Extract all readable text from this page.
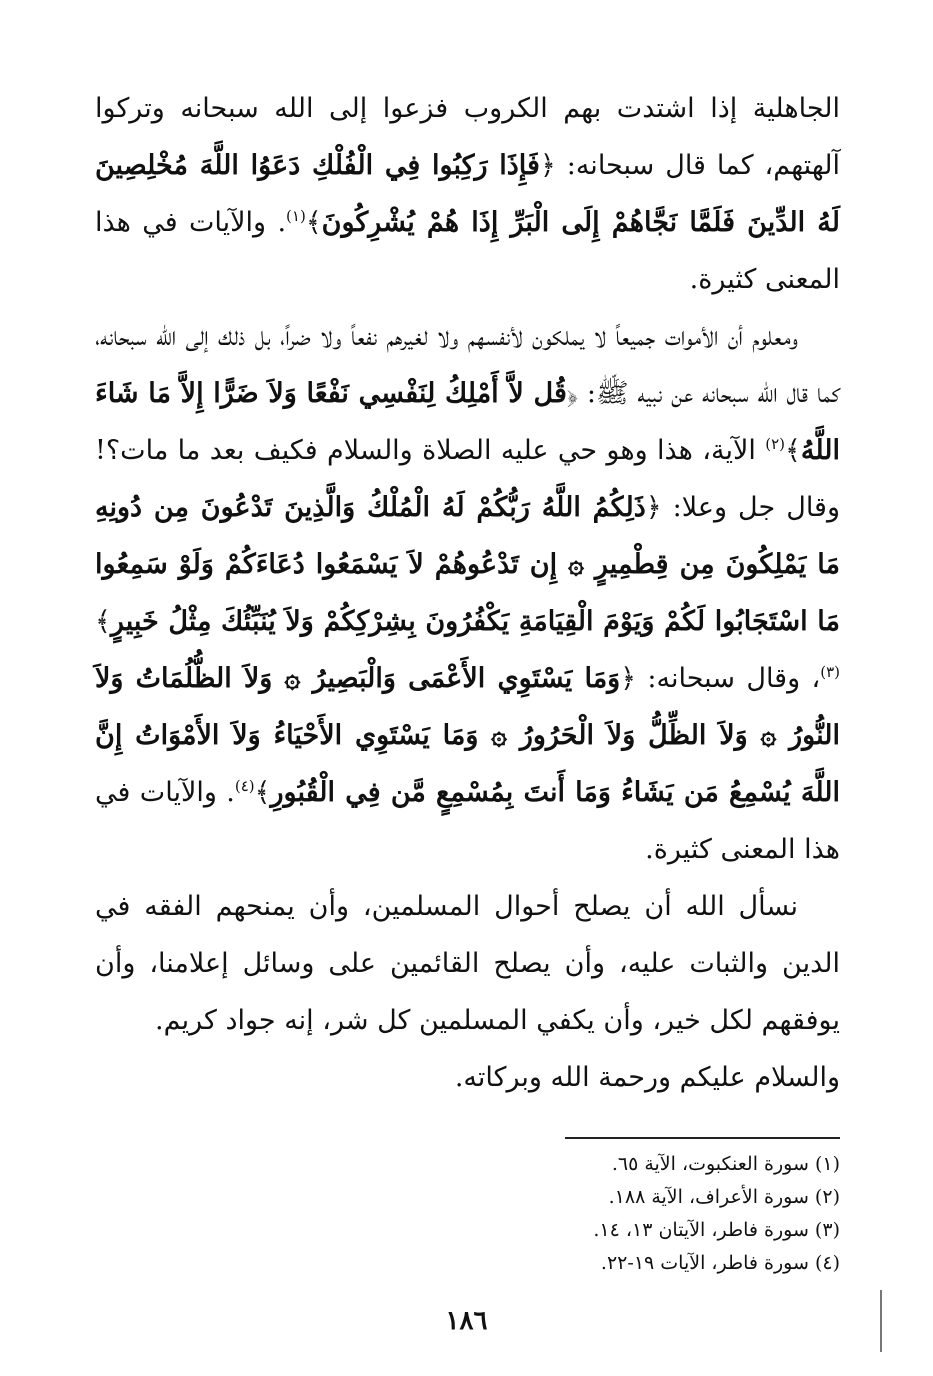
الجاهلية إذا اشتدت بهم الكروب فزعوا إلى الله سبحانه وتركوا آلهتهم، كما قال سبحانه: ﴿فَإِذَا رَكِبُوا فِي الْفُلْكِ دَعَوُا اللَّهَ مُخْلِصِينَ لَهُ الدِّينَ فَلَمَّا نَجَّاهُمْ إِلَى الْبَرِّ إِذَا هُمْ يُشْرِكُونَ﴾$^{(١)}$. والآيات في هذا المعنى كثيرة.

ومعلوم أن الأموات جميعاً لا يملكون لأنفسهم ولا لغيرهم نفعاً ولا ضراً، بل ذلك إلى الله سبحانه، كما قال الله سبحانه عن نبيه ﷺ: ﴿قُل لاَّ أَمْلِكُ لِنَفْسِي نَفْعًا وَلاَ ضَرًّا إِلاَّ مَا شَاءَ اللَّهُ﴾$^{(٢)}$ الآية، هذا وهو حي عليه الصلاة والسلام فكيف بعد ما مات؟! وقال جل وعلا: ﴿ذَلِكُمُ اللَّهُ رَبُّكُمْ لَهُ الْمُلْكُ وَالَّذِينَ تَدْعُونَ مِن دُونِهِ مَا يَمْلِكُونَ مِن قِطْمِيرٍ ۞ إِن تَدْعُوهُمْ لاَ يَسْمَعُوا دُعَاءَكُمْ وَلَوْ سَمِعُوا مَا اسْتَجَابُوا لَكُمْ وَيَوْمَ الْقِيَامَةِ يَكْفُرُونَ بِشِرْكِكُمْ وَلاَ يُنَبِّئُكَ مِثْلُ خَبِيرٍ﴾$^{(٣)}$، وقال سبحانه: ﴿وَمَا يَسْتَوِي الأَعْمَى وَالْبَصِيرُ ۞ وَلاَ الظُّلُمَاتُ وَلاَ النُّورُ ۞ وَلاَ الظِّلُّ وَلاَ الْحَرُورُ ۞ وَمَا يَسْتَوِي الأَحْيَاءُ وَلاَ الأَمْوَاتُ إِنَّ اللَّهَ يُسْمِعُ مَن يَشَاءُ وَمَا أَنتَ بِمُسْمِعٍ مَّن فِي الْقُبُورِ﴾$^{(٤)}$. والآيات في هذا المعنى كثيرة.

نسأل الله أن يصلح أحوال المسلمين، وأن يمنحهم الفقه في الدين والثبات عليه، وأن يصلح القائمين على وسائل إعلامنا، وأن يوفقهم لكل خير، وأن يكفي المسلمين كل شر، إنه جواد كريم.

والسلام عليكم ورحمة الله وبركاته.

(١) سورة العنكبوت، الآية ٦٥.

(٢) سورة الأعراف، الآية ١٨٨.

(٣) سورة فاطر، الآيتان ١٣، ١٤.

(٤) سورة فاطر، الآيات ١٩-٢٢.

١٨٦
